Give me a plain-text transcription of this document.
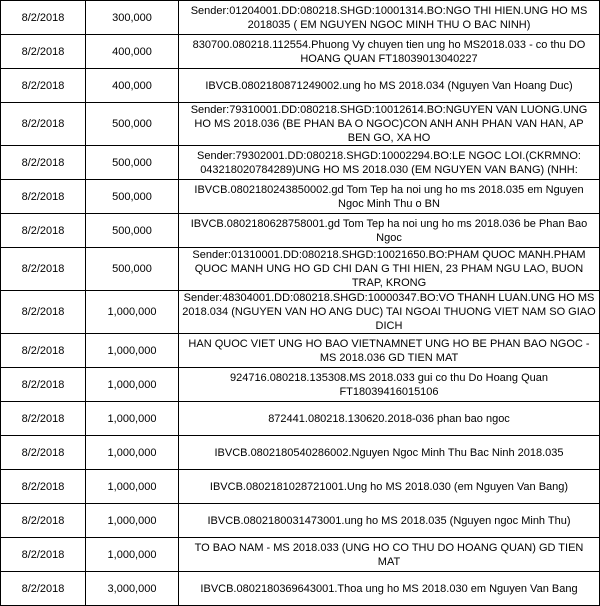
8/2/2018	300,000	Sender:01204001.DD:080218.SHGD:10001314.BO:NGO THI HIEN.UNG HO MS 2018035 ( EM NGUYEN NGOC MINH THU O BAC NINH)
8/2/2018	400,000	830700.080218.112554.Phuong Vy chuyen tien ung ho MS2018.033 - co thu DO HOANG QUAN FT18039013040227
8/2/2018	400,000	IBVCB.0802180871249002.ung ho MS 2018.034 (Nguyen Van Hoang Duc)
8/2/2018	500,000	Sender:79310001.DD:080218.SHGD:10012614.BO:NGUYEN VAN LUONG.UNG HO MS 2018.036 (BE PHAN BA O NGOC)CON ANH ANH PHAN VAN HAN, AP BEN GO, XA HO
8/2/2018	500,000	Sender:79302001.DD:080218.SHGD:10002294.BO:LE NGOC LOI.(CKRMNO: 043218020784289)UNG HO MS 2018.030 (EM NGUYEN VAN BANG) (NHH:
8/2/2018	500,000	IBVCB.0802180243850002.gd Tom Tep ha noi ung ho ms 2018.035 em Nguyen Ngoc Minh Thu o BN
8/2/2018	500,000	IBVCB.0802180628758001.gd Tom Tep ha noi ung ho ms 2018.036 be Phan Bao Ngoc
8/2/2018	500,000	Sender:01310001.DD:080218.SHGD:10021650.BO:PHAM QUOC MANH.PHAM QUOC MANH UNG HO GD CHI DAN G THI HIEN, 23 PHAM NGU LAO, BUON TRAP, KRONG
8/2/2018	1,000,000	Sender:48304001.DD:080218.SHGD:10000347.BO:VO THANH LUAN.UNG HO MS 2018.034 (NGUYEN VAN HO ANG DUC) TAI NGOAI THUONG VIET NAM SO GIAO DICH
8/2/2018	1,000,000	HAN QUOC VIET UNG HO BAO VIETNAMNET UNG HO BE PHAN BAO NGOC - MS 2018.036 GD TIEN MAT
8/2/2018	1,000,000	924716.080218.135308.MS 2018.033 gui co thu Do Hoang Quan FT18039416015106
8/2/2018	1,000,000	872441.080218.130620.2018-036 phan bao ngoc
8/2/2018	1,000,000	IBVCB.0802180540286002.Nguyen Ngoc Minh Thu Bac Ninh 2018.035
8/2/2018	1,000,000	IBVCB.0802181028721001.Ung ho MS 2018.030 (em Nguyen Van Bang)
8/2/2018	1,000,000	IBVCB.0802180031473001.ung ho MS 2018.035 (Nguyen ngoc Minh Thu)
8/2/2018	1,000,000	TO BAO NAM - MS 2018.033 (UNG HO CO THU DO HOANG QUAN) GD TIEN MAT
8/2/2018	3,000,000	IBVCB.0802180369643001.Thoa ung ho MS 2018.030 em Nguyen Van Bang
